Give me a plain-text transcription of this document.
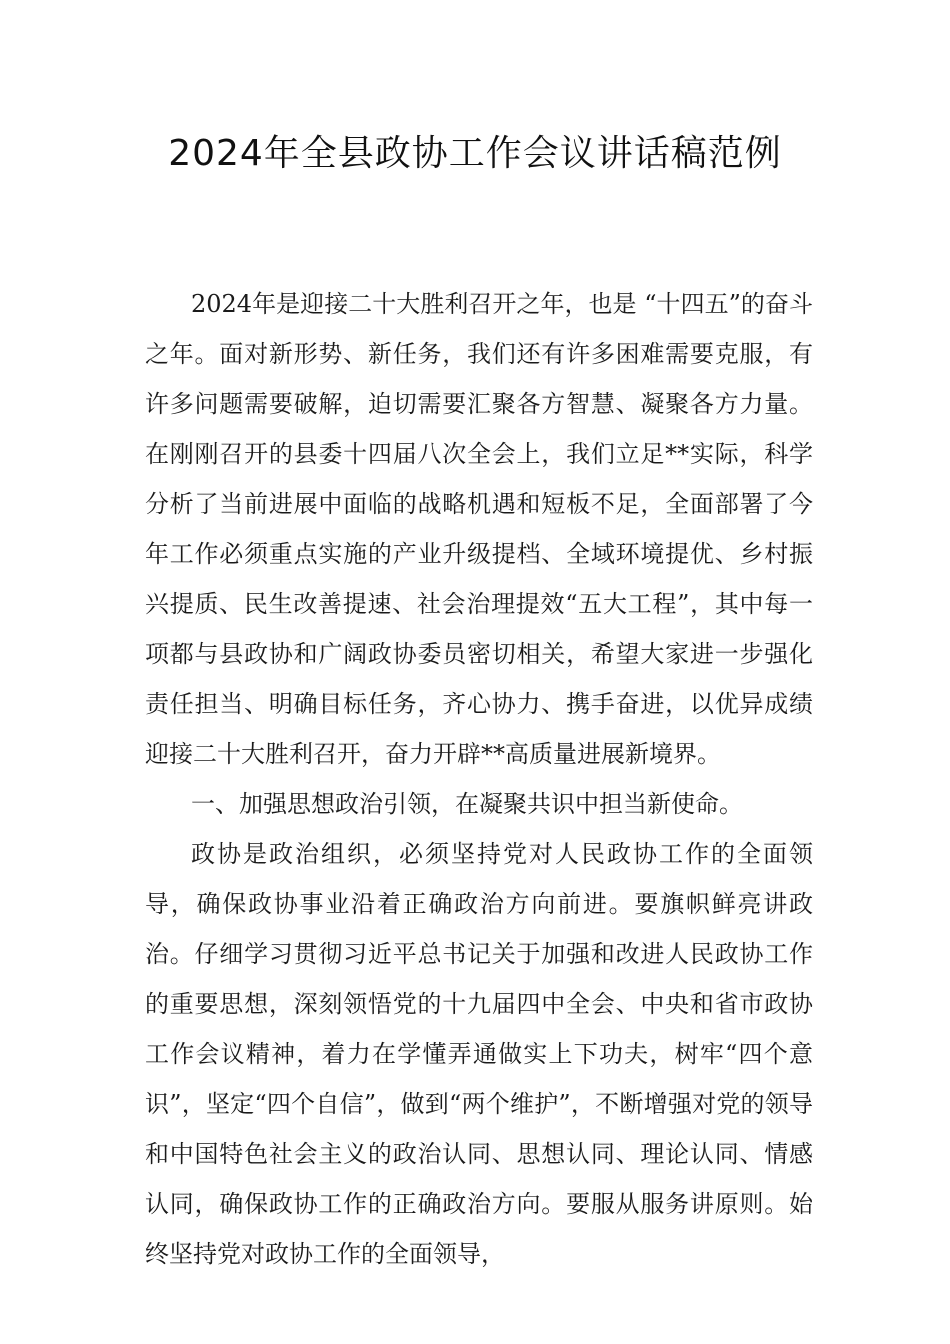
2024年全县政协工作会议讲话稿范例

2024年是迎接二十大胜利召开之年，也是 “十四五”的奋斗之年。面对新形势、新任务，我们还有许多困难需要克服，有许多问题需要破解，迫切需要汇聚各方智慧、凝聚各方力量。在刚刚召开的县委十四届八次全会上，我们立足**实际，科学分析了当前进展中面临的战略机遇和短板不足，全面部署了今年工作必须重点实施的产业升级提档、全域环境提优、乡村振兴提质、民生改善提速、社会治理提效“五大工程”，其中每一项都与县政协和广阔政协委员密切相关，希望大家进一步强化责任担当、明确目标任务，齐心协力、携手奋进，以优异成绩迎接二十大胜利召开，奋力开辟**高质量进展新境界。

一、加强思想政治引领，在凝聚共识中担当新使命。

政协是政治组织，必须坚持党对人民政协工作的全面领导，确保政协事业沿着正确政治方向前进。要旗帜鲜亮讲政治。仔细学习贯彻习近平总书记关于加强和改进人民政协工作的重要思想，深刻领悟党的十九届四中全会、中央和省市政协工作会议精神，着力在学懂弄通做实上下功夫，树牢“四个意识”，坚定“四个自信”，做到“两个维护”，不断增强对党的领导和中国特色社会主义的政治认同、思想认同、理论认同、情感认同，确保政协工作的正确政治方向。要服从服务讲原则。始终坚持党对政协工作的全面领导，
